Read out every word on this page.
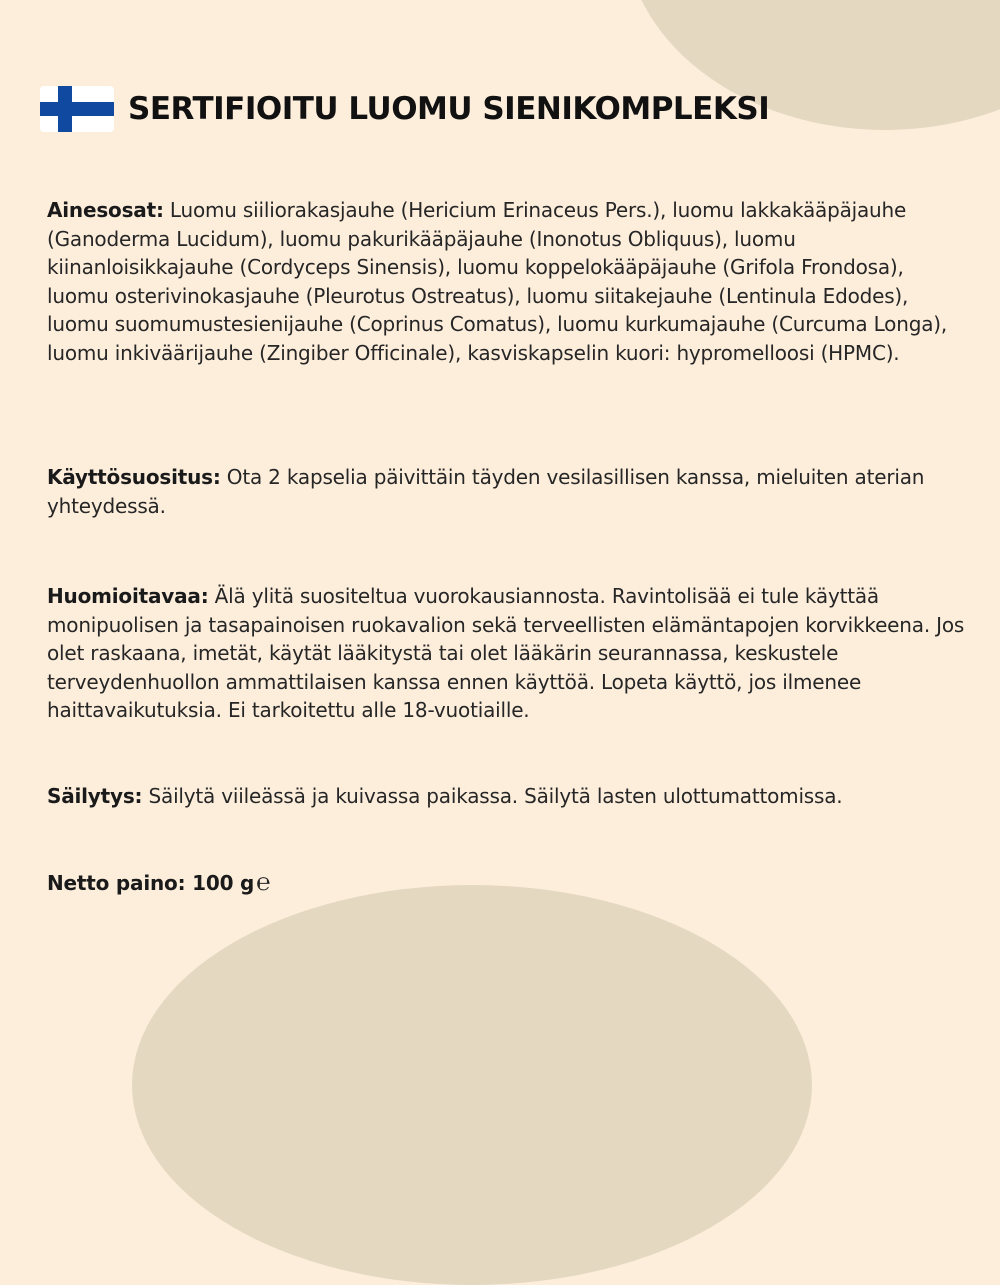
SERTIFIOITU LUOMU SIENIKOMPLEKSI
Ainesosat: Luomu siiliorakasjauhe (Hericium Erinaceus Pers.), luomu lakkakääpäjauhe (Ganoderma Lucidum), luomu pakurikääpäjauhe (Inonotus Obliquus), luomu kiinanloisikkajauhe (Cordyceps Sinensis), luomu koppelokääpäjauhe (Grifola Frondosa), luomu osterivinokasjauhe (Pleurotus Ostreatus), luomu siitakejauhe (Lentinula Edodes), luomu suomumustesienijauhe (Coprinus Comatus), luomu kurkumajauhe (Curcuma Longa), luomu inkiväärijauhe (Zingiber Officinale), kasviskapselin kuori: hypromelloosi (HPMC).
Käyttösuositus: Ota 2 kapselia päivittäin täyden vesilasillisen kanssa, mieluiten aterian yhteydessä.
Huomioitavaa: Älä ylitä suositeltua vuorokausiannosta. Ravintolisää ei tule käyttää monipuolisen ja tasapainoisen ruokavalion sekä terveellisten elämäntapojen korvikkeena. Jos olet raskaana, imetät, käytät lääkitystä tai olet lääkärin seurannassa, keskustele terveydenhuollon ammattilaisen kanssa ennen käyttöä. Lopeta käyttö, jos ilmenee haittavaikutuksia. Ei tarkoitettu alle 18-vuotiaille.
Säilytys: Säilytä viileässä ja kuivassa paikassa. Säilytä lasten ulottumattomissa.
Netto paino: 100 g℮
